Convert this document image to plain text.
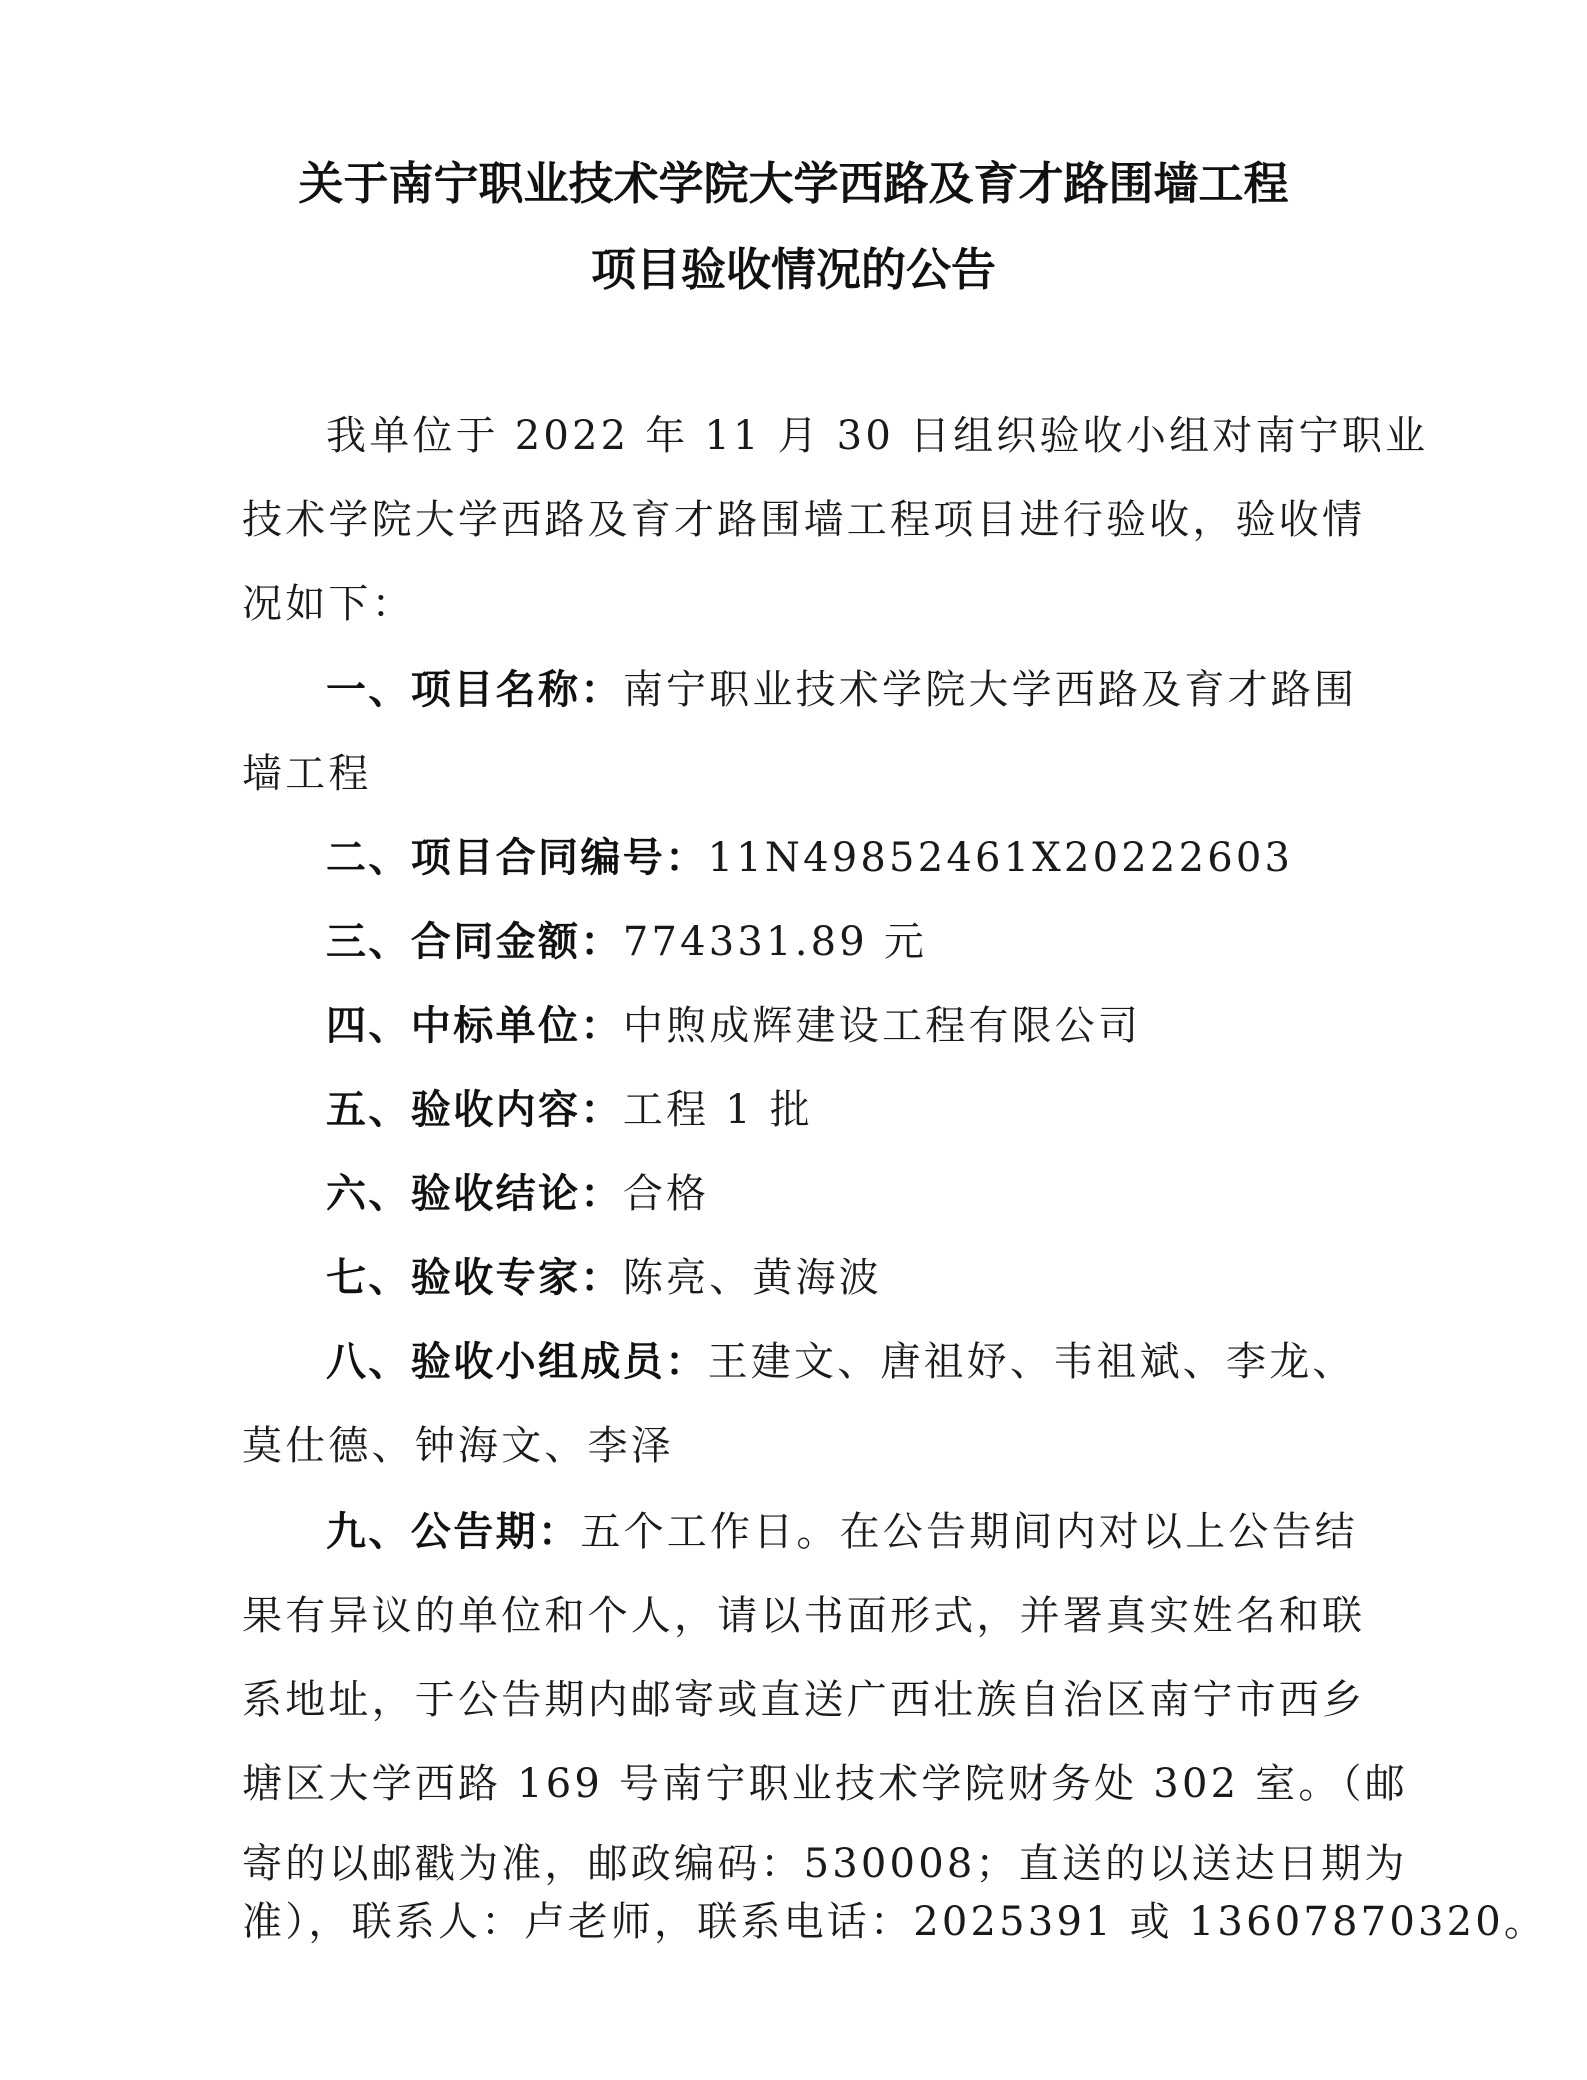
关于南宁职业技术学院大学西路及育才路围墙工程
项目验收情况的公告
我单位于 2022 年 11 月 30 日组织验收小组对南宁职业
技术学院大学西路及育才路围墙工程项目进行验收，验收情
况如下：
一、项目名称：南宁职业技术学院大学西路及育才路围
墙工程
二、项目合同编号：11N49852461X20222603
三、合同金额：774331.89 元
四、中标单位：中煦成辉建设工程有限公司
五、验收内容：工程 1 批
六、验收结论：合格
七、验收专家：陈亮、黄海波
八、验收小组成员：王建文、唐祖妤、韦祖斌、李龙、
莫仕德、钟海文、李泽
九、公告期：五个工作日。在公告期间内对以上公告结
果有异议的单位和个人，请以书面形式，并署真实姓名和联
系地址，于公告期内邮寄或直送广西壮族自治区南宁市西乡
塘区大学西路 169 号南宁职业技术学院财务处 302 室。（邮
寄的以邮戳为准，邮政编码：530008；直送的以送达日期为
准），联系人：卢老师，联系电话：2025391 或 13607870320。
